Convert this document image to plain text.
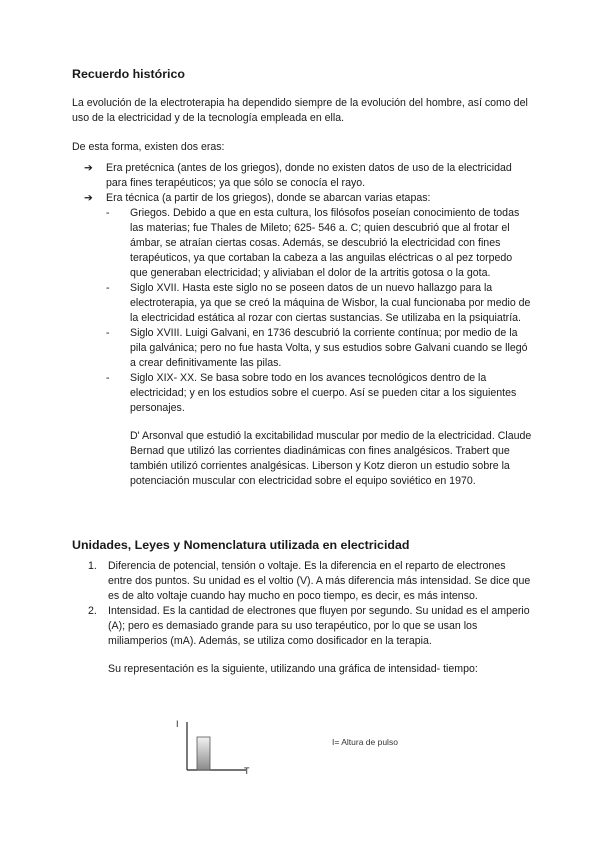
Recuerdo histórico

La evolución de la electroterapia ha dependido siempre de la evolución del hombre, así como del uso de la electricidad y de la tecnología empleada en ella.

De esta forma, existen dos eras:

➔ Era pretécnica (antes de los griegos), donde no existen datos de uso de la electricidad para fines terapéuticos; ya que sólo se conocía el rayo.
➔ Era técnica (a partir de los griegos), donde se abarcan varias etapas:
- Griegos. Debido a que en esta cultura, los filósofos poseían conocimiento de todas las materias; fue Thales de Mileto; 625- 546 a. C; quien descubrió que al frotar el ámbar, se atraían ciertas cosas. Además, se descubrió la electricidad con fines terapéuticos, ya que cortaban la cabeza a las anguilas eléctricas o al pez torpedo que generaban electricidad; y aliviaban el dolor de la artritis gotosa o la gota.
- Siglo XVII. Hasta este siglo no se poseen datos de un nuevo hallazgo para la electroterapia, ya que se creó la máquina de Wisbor, la cual funcionaba por medio de la electricidad estática al rozar con ciertas sustancias. Se utilizaba en la psiquiatría.
- Siglo XVIII. Luigi Galvani, en 1736 descubrió la corriente contínua; por medio de la pila galvánica; pero no fue hasta Volta, y sus estudios sobre Galvani cuando se llegó a crear definitivamente las pilas.
- Siglo XIX- XX. Se basa sobre todo en los avances tecnológicos dentro de la electricidad; y en los estudios sobre el cuerpo. Así se pueden citar a los siguientes personajes.

D' Arsonval que estudió la excitabilidad muscular por medio de la electricidad. Claude Bernad que utilizó las corrientes diadinámicas con fines analgésicos. Trabert que también utilizó corrientes analgésicas. Liberson y Kotz dieron un estudio sobre la potenciación muscular con electricidad sobre el equipo soviético en 1970.

Unidades, Leyes y Nomenclatura utilizada en electricidad
1. Diferencia de potencial, tensión o voltaje. Es la diferencia en el reparto de electrones entre dos puntos. Su unidad es el voltio (V). A más diferencia más intensidad. Se dice que es de alto voltaje cuando hay mucho en poco tiempo, es decir, es más intenso.
2. Intensidad. Es la cantidad de electrones que fluyen por segundo. Su unidad es el amperio (A); pero es demasiado grande para su uso terapéutico, por lo que se usan los miliamperios (mA). Además, se utiliza como dosificador en la terapia.

Su representación es la siguiente, utilizando una gráfica de intensidad- tiempo:

I
T
I= Altura de pulso
